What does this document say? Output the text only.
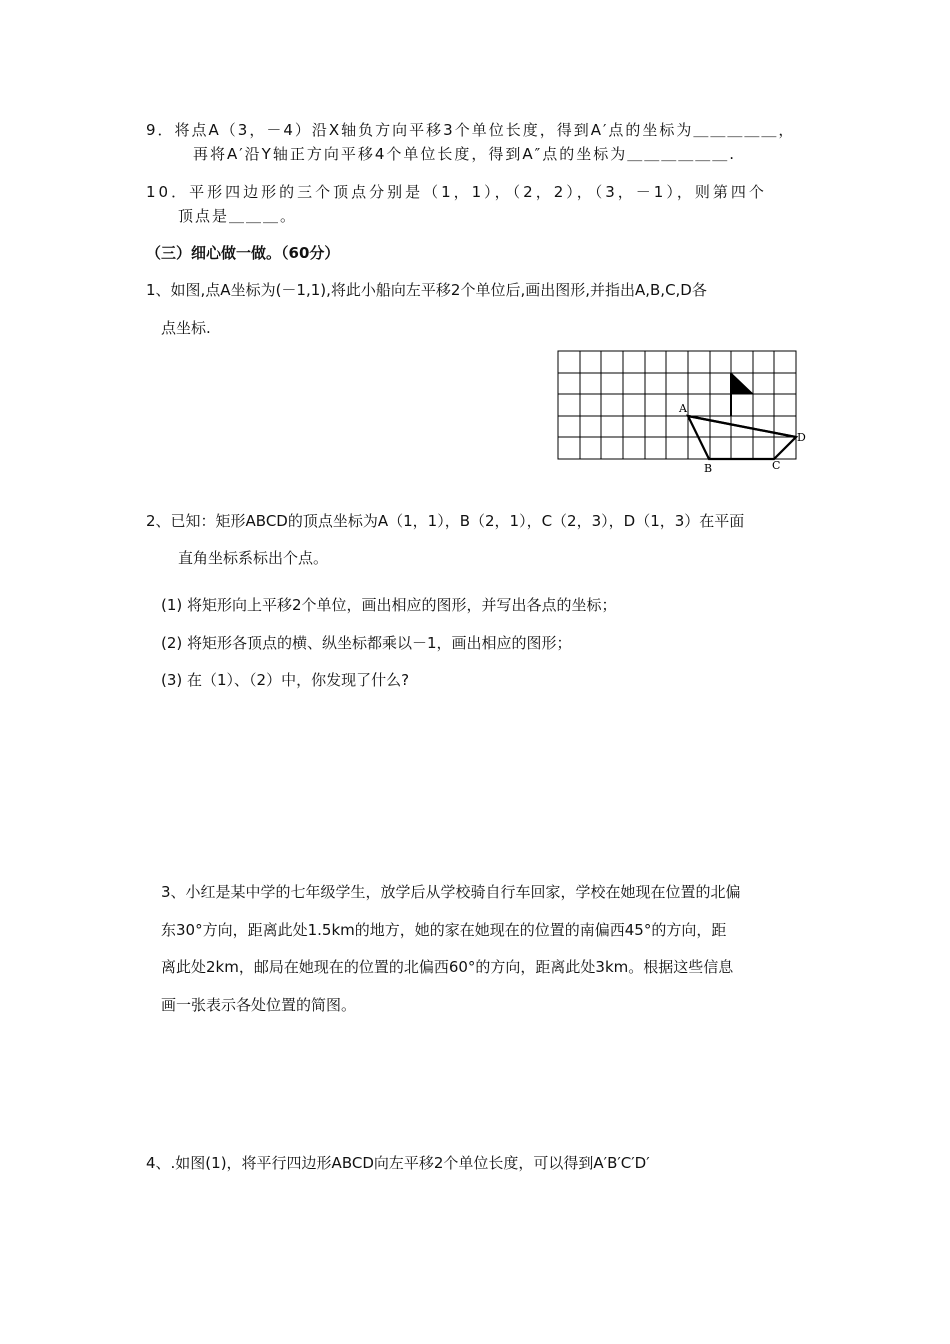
9．将点A（3，－4）沿X轴负方向平移3个单位长度，得到A′点的坐标为＿＿＿＿＿，
再将A′沿Y轴正方向平移4个单位长度，得到A″点的坐标为＿＿＿＿＿＿.
10．平形四边形的三个顶点分别是（1，1），（2，2），（3，－1），则第四个
顶点是＿＿＿。
（三）细心做一做。（60分）
1、如图,点A坐标为(－1,1),将此小船向左平移2个单位后,画出图形,并指出A,B,C,D各
点坐标.
A
B	C
D
2、已知：矩形ABCD的顶点坐标为A（1，1），B（2，1），C（2，3），D（1，3）在平面
直角坐标系标出个点。
(1) 将矩形向上平移2个单位，画出相应的图形，并写出各点的坐标；
(2) 将矩形各顶点的横、纵坐标都乘以－1，画出相应的图形；
(3) 在（1）、（2）中，你发现了什么?
3、小红是某中学的七年级学生，放学后从学校骑自行车回家，学校在她现在位置的北偏
东30°方向，距离此处1.5km的地方，她的家在她现在的位置的南偏西45°的方向，距
离此处2km，邮局在她现在的位置的北偏西60°的方向，距离此处3km。根据这些信息
画一张表示各处位置的简图。
4、.如图(1)，将平行四边形ABCD向左平移2个单位长度，可以得到A′B′C′D′
